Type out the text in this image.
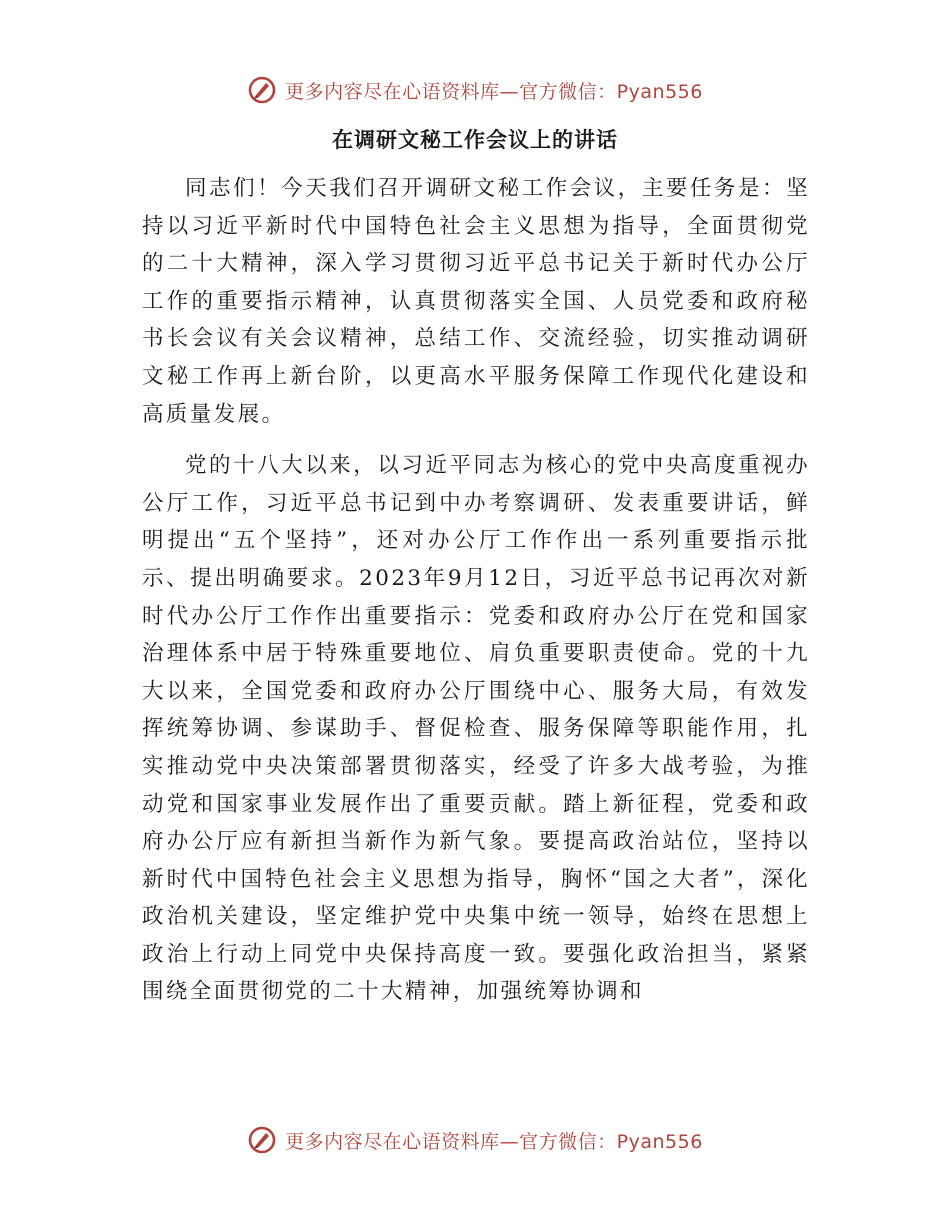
更多内容尽在心语资料库—官方微信：Pyan556
在调研文秘工作会议上的讲话

同志们！今天我们召开调研文秘工作会议，主要任务是：坚持以习近平新时代中国特色社会主义思想为指导，全面贯彻党的二十大精神，深入学习贯彻习近平总书记关于新时代办公厅工作的重要指示精神，认真贯彻落实全国、人员党委和政府秘书长会议有关会议精神，总结工作、交流经验，切实推动调研文秘工作再上新台阶，以更高水平服务保障工作现代化建设和高质量发展。

党的十八大以来，以习近平同志为核心的党中央高度重视办公厅工作，习近平总书记到中办考察调研、发表重要讲话，鲜明提出“五个坚持”，还对办公厅工作作出一系列重要指示批示、提出明确要求。2023年9月12日，习近平总书记再次对新时代办公厅工作作出重要指示：党委和政府办公厅在党和国家治理体系中居于特殊重要地位、肩负重要职责使命。党的十九大以来，全国党委和政府办公厅围绕中心、服务大局，有效发挥统筹协调、参谋助手、督促检查、服务保障等职能作用，扎实推动党中央决策部署贯彻落实，经受了许多大战考验，为推动党和国家事业发展作出了重要贡献。踏上新征程，党委和政府办公厅应有新担当新作为新气象。要提高政治站位，坚持以新时代中国特色社会主义思想为指导，胸怀“国之大者”，深化政治机关建设，坚定维护党中央集中统一领导，始终在思想上政治上行动上同党中央保持高度一致。要强化政治担当，紧紧围绕全面贯彻党的二十大精神，加强统筹协调和

更多内容尽在心语资料库—官方微信：Pyan556
